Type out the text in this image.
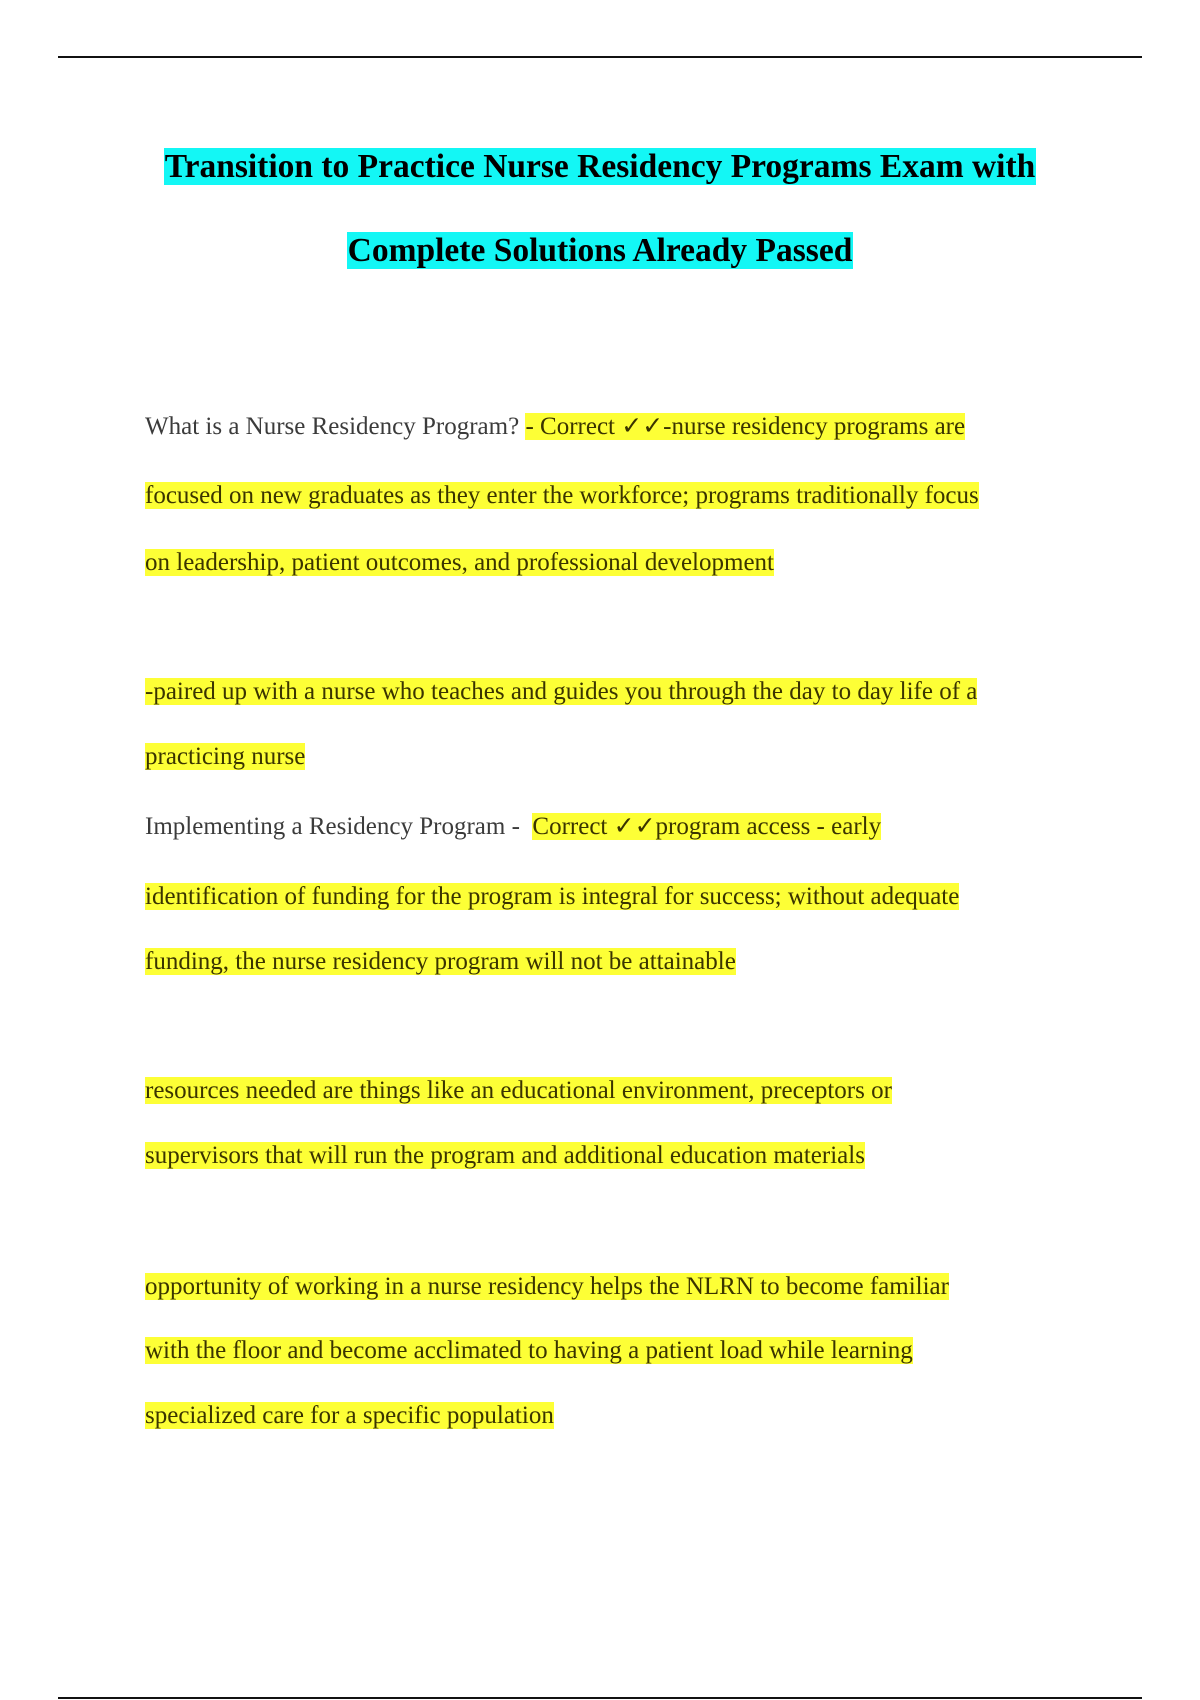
Transition to Practice Nurse Residency Programs Exam with
Complete Solutions Already Passed

What is a Nurse Residency Program? - Correct ✓✓-nurse residency programs are

focused on new graduates as they enter the workforce; programs traditionally focus

on leadership, patient outcomes, and professional development

-paired up with a nurse who teaches and guides you through the day to day life of a

practicing nurse

Implementing a Residency Program - Correct ✓✓program access - early

identification of funding for the program is integral for success; without adequate

funding, the nurse residency program will not be attainable

resources needed are things like an educational environment, preceptors or

supervisors that will run the program and additional education materials

opportunity of working in a nurse residency helps the NLRN to become familiar

with the floor and become acclimated to having a patient load while learning

specialized care for a specific population
